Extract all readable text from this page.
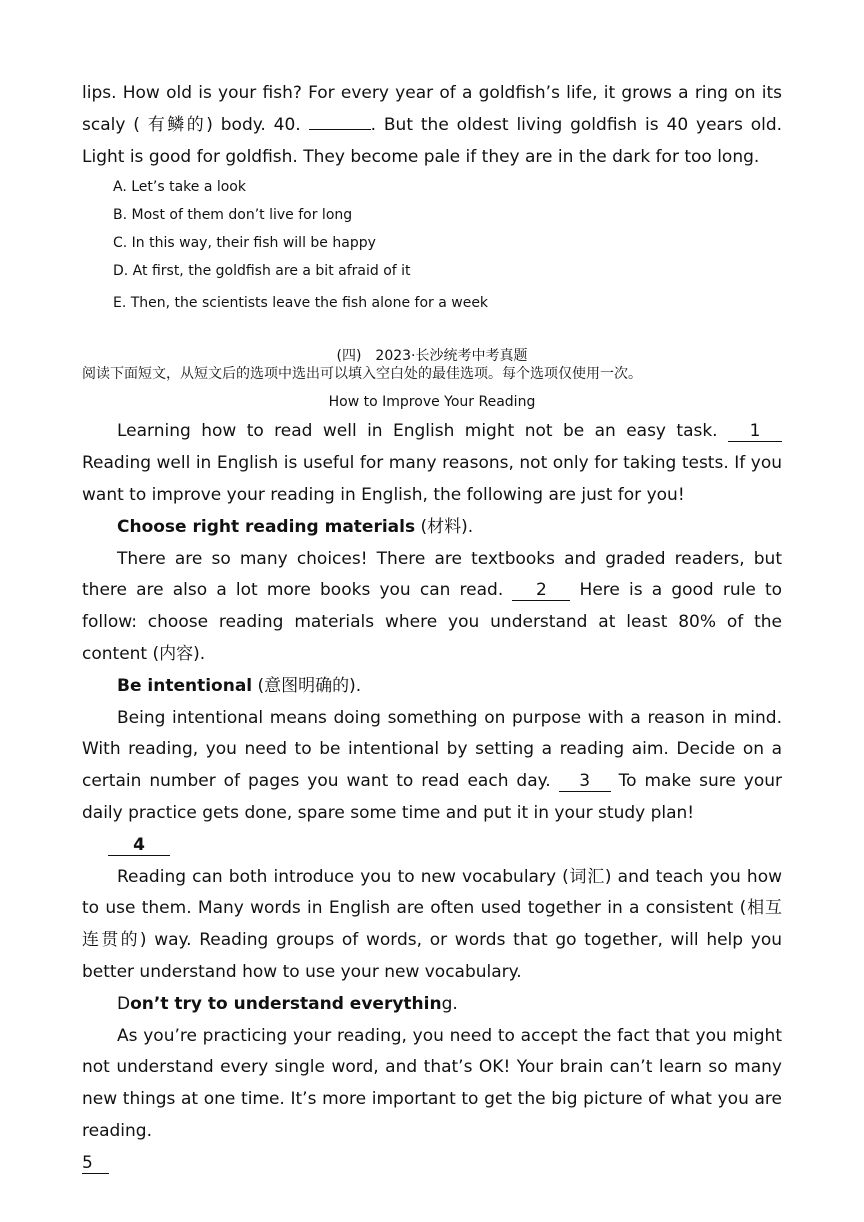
lips. How old is your fish? For every year of a goldfish’s life, it grows a ring on its scaly ( 有鳞的) body. 40.	. But the oldest living goldfish is 40 years old. Light is good for goldfish. They become pale if they are in the dark for too long.

A. Let’s take a look

B. Most of them don’t live for long

C. In this way, their fish will be happy

D. At first, the goldfish are a bit afraid of it

E. Then, the scientists leave the fish alone for a week

(四)　2023·长沙统考中考真题

阅读下面短文，从短文后的选项中选出可以填入空白处的最佳选项。每个选项仅使用一次。

How to Improve Your Reading

Learning how to read well in English might not be an easy task. 1 Reading well in English is useful for many reasons, not only for taking tests. If you want to improve your reading in English, the following are just for you!

Choose right reading materials (材料).

There are so many choices! There are textbooks and graded readers, but there are also a lot more books you can read. 2 Here is a good rule to follow: choose reading materials where you understand at least 80% of the content (内容).

Be intentional (意图明确的).

Being intentional means doing something on purpose with a reason in mind. With reading, you need to be intentional by setting a reading aim. Decide on a certain number of pages you want to read each day. 3 To make sure your daily practice gets done, spare some time and put it in your study plan!

4

Reading can both introduce you to new vocabulary (词汇) and teach you how to use them. Many words in English are often used together in a consistent (相互连贯的) way. Reading groups of words, or words that go together, will help you better understand how to use your new vocabulary.

Don’t try to understand everything.

As you’re practicing your reading, you need to accept the fact that you might not understand every single word, and that’s OK! Your brain can’t learn so many new things at one time. It’s more important to get the big picture of what you are reading.

5
